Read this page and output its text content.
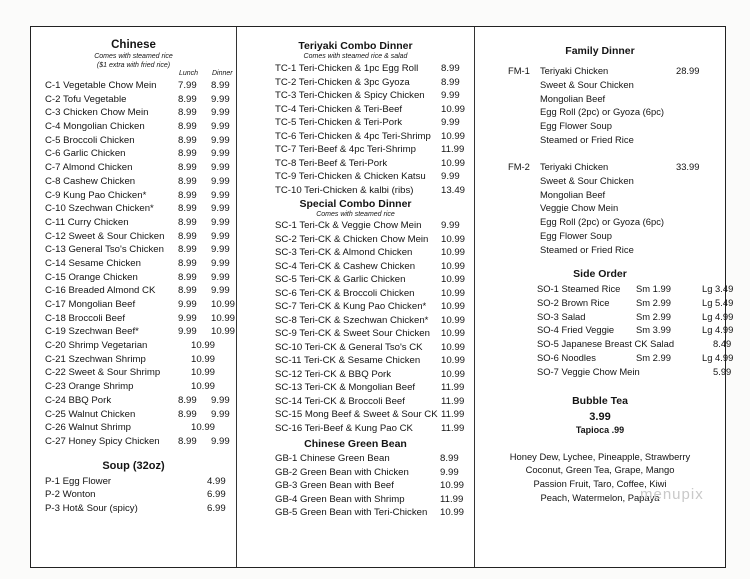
Chinese
Comes with steamed rice
($1 extra with fried rice)
Lunch Dinner
C-1 Vegetable Chow Mein 7.99 8.99
C-2 Tofu Vegetable	8.99 9.99
C-3 Chicken Chow Mein	8.99 9.99
C-4 Mongolian Chicken	8.99 9.99
C-5 Broccoli Chicken	8.99 9.99
C-6 Garlic Chicken	8.99 9.99
C-7 Almond Chicken	8.99 9.99
C-8 Cashew Chicken	8.99 9.99
C-9 Kung Pao Chicken*	8.99 9.99
C-10 Szechwan Chicken*	8.99 9.99
C-11 Curry Chicken	8.99 9.99
C-12 Sweet & Sour Chicken 8.99 9.99
C-13 General Tso's Chicken 8.99 9.99
C-14 Sesame Chicken	8.99 9.99
C-15 Orange Chicken	8.99 9.99
C-16 Breaded Almond CK 8.99 9.99
C-17 Mongolian Beef	9.99 10.99
C-18 Broccoli Beef	9.99 10.99
C-19 Szechwan Beef*	9.99 10.99
C-20 Shrimp Vegetarian	10.99
C-21 Szechwan Shrimp	10.99
C-22 Sweet & Sour Shrimp	10.99
C-23 Orange Shrimp	10.99
C-24 BBQ Pork	8.99 9.99
C-25 Walnut Chicken	8.99 9.99
C-26 Walnut Shrimp	10.99
C-27 Honey Spicy Chicken 8.99 9.99
Soup (32oz)
P-1 Egg Flower	4.99
P-2 Wonton	6.99
P-3 Hot& Sour (spicy)	6.99
Teriyaki Combo Dinner
Comes with steamed rice & salad
TC-1 Teri-Chicken & 1pc Egg Roll 8.99
TC-2 Teri-Chicken & 3pc Gyoza	8.99
TC-3 Teri-Chicken & Spicy Chicken 9.99
TC-4 Teri-Chicken & Teri-Beef	10.99
TC-5 Teri-Chicken & Teri-Pork	9.99
TC-6 Teri-Chicken & 4pc Teri-Shrimp 10.99
TC-7 Teri-Beef & 4pc Teri-Shrimp	11.99
TC-8 Teri-Beef & Teri-Pork	10.99
TC-9 Teri-Chicken & Chicken Katsu 9.99
TC-10 Teri-Chicken & kalbi (ribs)	13.49
Special Combo Dinner
Comes with steamed rice
SC-1 Teri-Ck & Veggie Chow Mein 9.99
SC-2 Teri-CK & Chicken Chow Mein 10.99
SC-3 Teri-CK & Almond Chicken	10.99
SC-4 Teri-CK & Cashew Chicken	10.99
SC-5 Teri-CK & Garlic Chicken	10.99
SC-6 Teri-CK & Broccoli Chicken	10.99
SC-7 Teri-CK & Kung Pao Chicken* 10.99
SC-8 Teri-CK & Szechwan Chicken* 10.99
SC-9 Teri-CK & Sweet Sour Chicken 10.99
SC-10 Teri-CK & General Tso's CK 10.99
SC-11 Teri-CK & Sesame Chicken 10.99
SC-12 Teri-CK & BBQ Pork	10.99
SC-13 Teri-CK & Mongolian Beef	11.99
SC-14 Teri-CK & Broccoli Beef	11.99
SC-15 Mong Beef & Sweet & Sour CK 11.99
SC-16 Teri-Beef & Kung Pao CK	11.99
Chinese Green Bean
GB-1 Chinese Green Bean	8.99
GB-2 Green Bean with Chicken	9.99
GB-3 Green Bean with Beef	10.99
GB-4 Green Bean with Shrimp	11.99
GB-5 Green Bean with Teri-Chicken 10.99
Family Dinner
FM-1	28.99
Teriyaki Chicken
Sweet & Sour Chicken
Mongolian Beef
Egg Roll (2pc) or Gyoza (6pc)
Egg Flower Soup
Steamed or Fried Rice
FM-2	33.99
Teriyaki Chicken
Sweet & Sour Chicken
Mongolian Beef
Veggie Chow Mein
Egg Roll (2pc) or Gyoza (6pc)
Egg Flower Soup
Steamed or Fried Rice
Side Order
SO-1 Steamed Rice Sm 1.99	Lg 3.49
SO-2 Brown Rice	Sm 2.99	Lg 5.49
SO-3 Salad	Sm 2.99	Lg 4.99
SO-4 Fried Veggie Sm 3.99	Lg 4.99
SO-5 Japanese Breast CK Salad	8.49
SO-6 Noodles	Sm 2.99	Lg 4.99
SO-7 Veggie Chow Mein	5.99
Bubble Tea
3.99
Tapioca .99
Honey Dew, Lychee, Pineapple, Strawberry
Coconut, Green Tea, Grape, Mango
Passion Fruit, Taro, Coffee, Kiwi
Peach, Watermelon, Papaya
menupix
